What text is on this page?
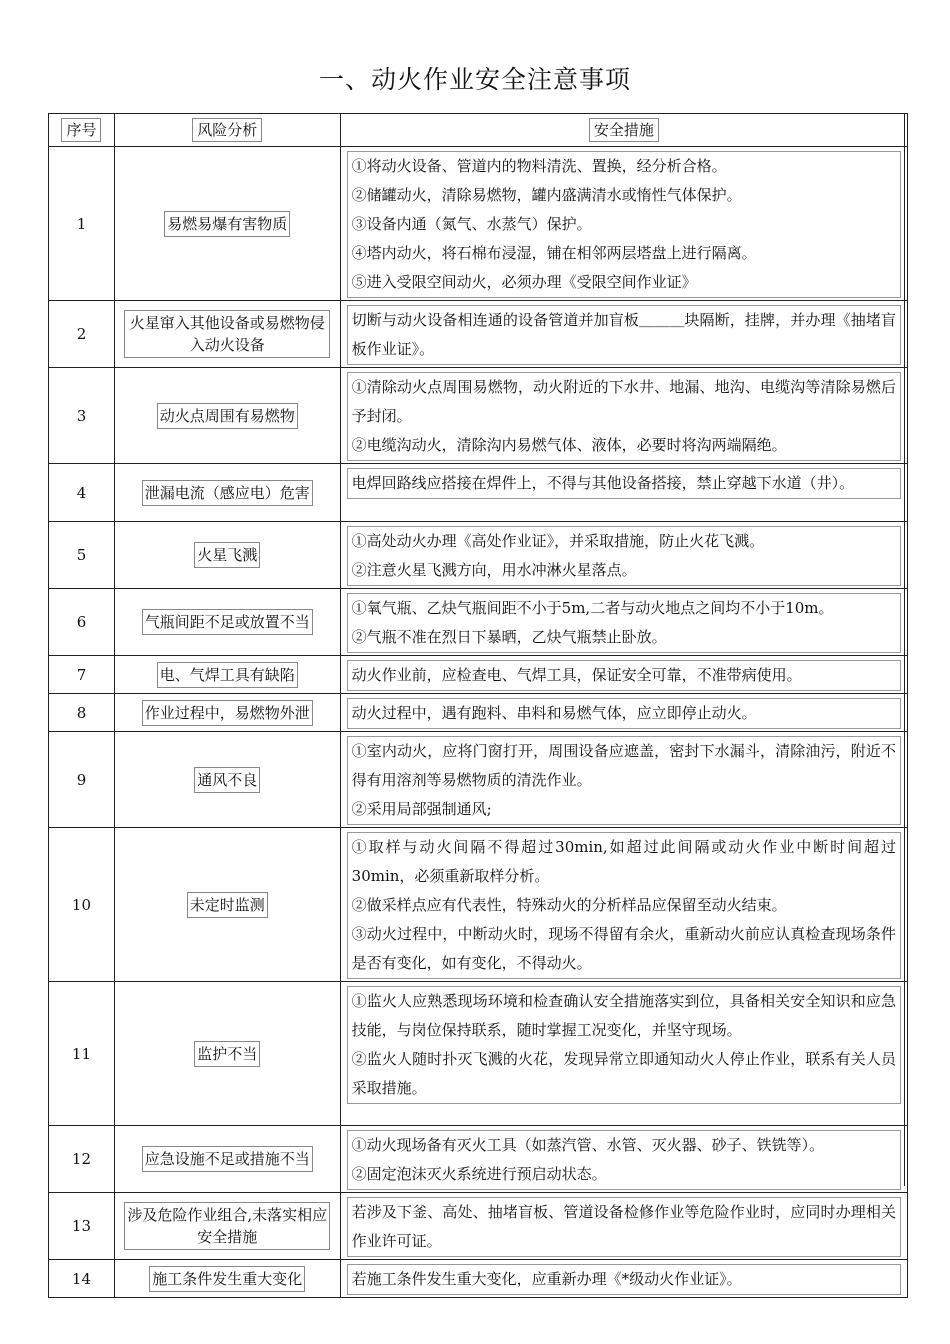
一、动火作业安全注意事项
序号	风险分析	安全措施
1	易燃易爆有害物质	①将动火设备、管道内的物料清洗、置换，经分析合格。
②储罐动火，清除易燃物，罐内盛满清水或惰性气体保护。
③设备内通（氮气、水蒸气）保护。
④塔内动火，将石棉布浸湿，铺在相邻两层塔盘上进行隔离。
⑤进入受限空间动火，必须办理《受限空间作业证》

2	火星窜入其他设备或易燃物侵入动火设备	切断与动火设备相连通的设备管道并加盲板＿＿＿块隔断，挂牌，并办理《抽堵盲板作业证》。

3	动火点周围有易燃物	①清除动火点周围易燃物，动火附近的下水井、地漏、地沟、电缆沟等清除易燃后予封闭。
②电缆沟动火，清除沟内易燃气体、液体，必要时将沟两端隔绝。

4	泄漏电流（感应电）危害	电焊回路线应搭接在焊件上，不得与其他设备搭接，禁止穿越下水道（井）。

5	火星飞溅	①高处动火办理《高处作业证》，并采取措施，防止火花飞溅。
②注意火星飞溅方向，用水冲淋火星落点。

6	气瓶间距不足或放置不当	①氧气瓶、乙炔气瓶间距不小于5m,二者与动火地点之间均不小于10m。
②气瓶不准在烈日下暴晒，乙炔气瓶禁止卧放。

7	电、气焊工具有缺陷	动火作业前，应检查电、气焊工具，保证安全可靠，不准带病使用。

8	作业过程中，易燃物外泄	动火过程中，遇有跑料、串料和易燃气体，应立即停止动火。

9	通风不良	①室内动火，应将门窗打开，周围设备应遮盖，密封下水漏斗，清除油污，附近不得有用溶剂等易燃物质的清洗作业。
②采用局部强制通风;

10	未定时监测	①取样与动火间隔不得超过30min,如超过此间隔或动火作业中断时间超过30min，必须重新取样分析。
②做采样点应有代表性，特殊动火的分析样品应保留至动火结束。
③动火过程中，中断动火时，现场不得留有余火，重新动火前应认真检查现场条件是否有变化，如有变化，不得动火。

11	监护不当	①监火人应熟悉现场环境和检查确认安全措施落实到位，具备相关安全知识和应急技能，与岗位保持联系，随时掌握工况变化，并坚守现场。
②监火人随时扑灭飞溅的火花，发现异常立即通知动火人停止作业，联系有关人员采取措施。

12	应急设施不足或措施不当	①动火现场备有灭火工具（如蒸汽管、水管、灭火器、砂子、铁铣等）。
②固定泡沫灭火系统进行预启动状态。

13	涉及危险作业组合,未落实相应安全措施	若涉及下釜、高处、抽堵盲板、管道设备检修作业等危险作业时，应同时办理相关作业许可证。

14	施工条件发生重大变化	若施工条件发生重大变化，应重新办理《*级动火作业证》。
